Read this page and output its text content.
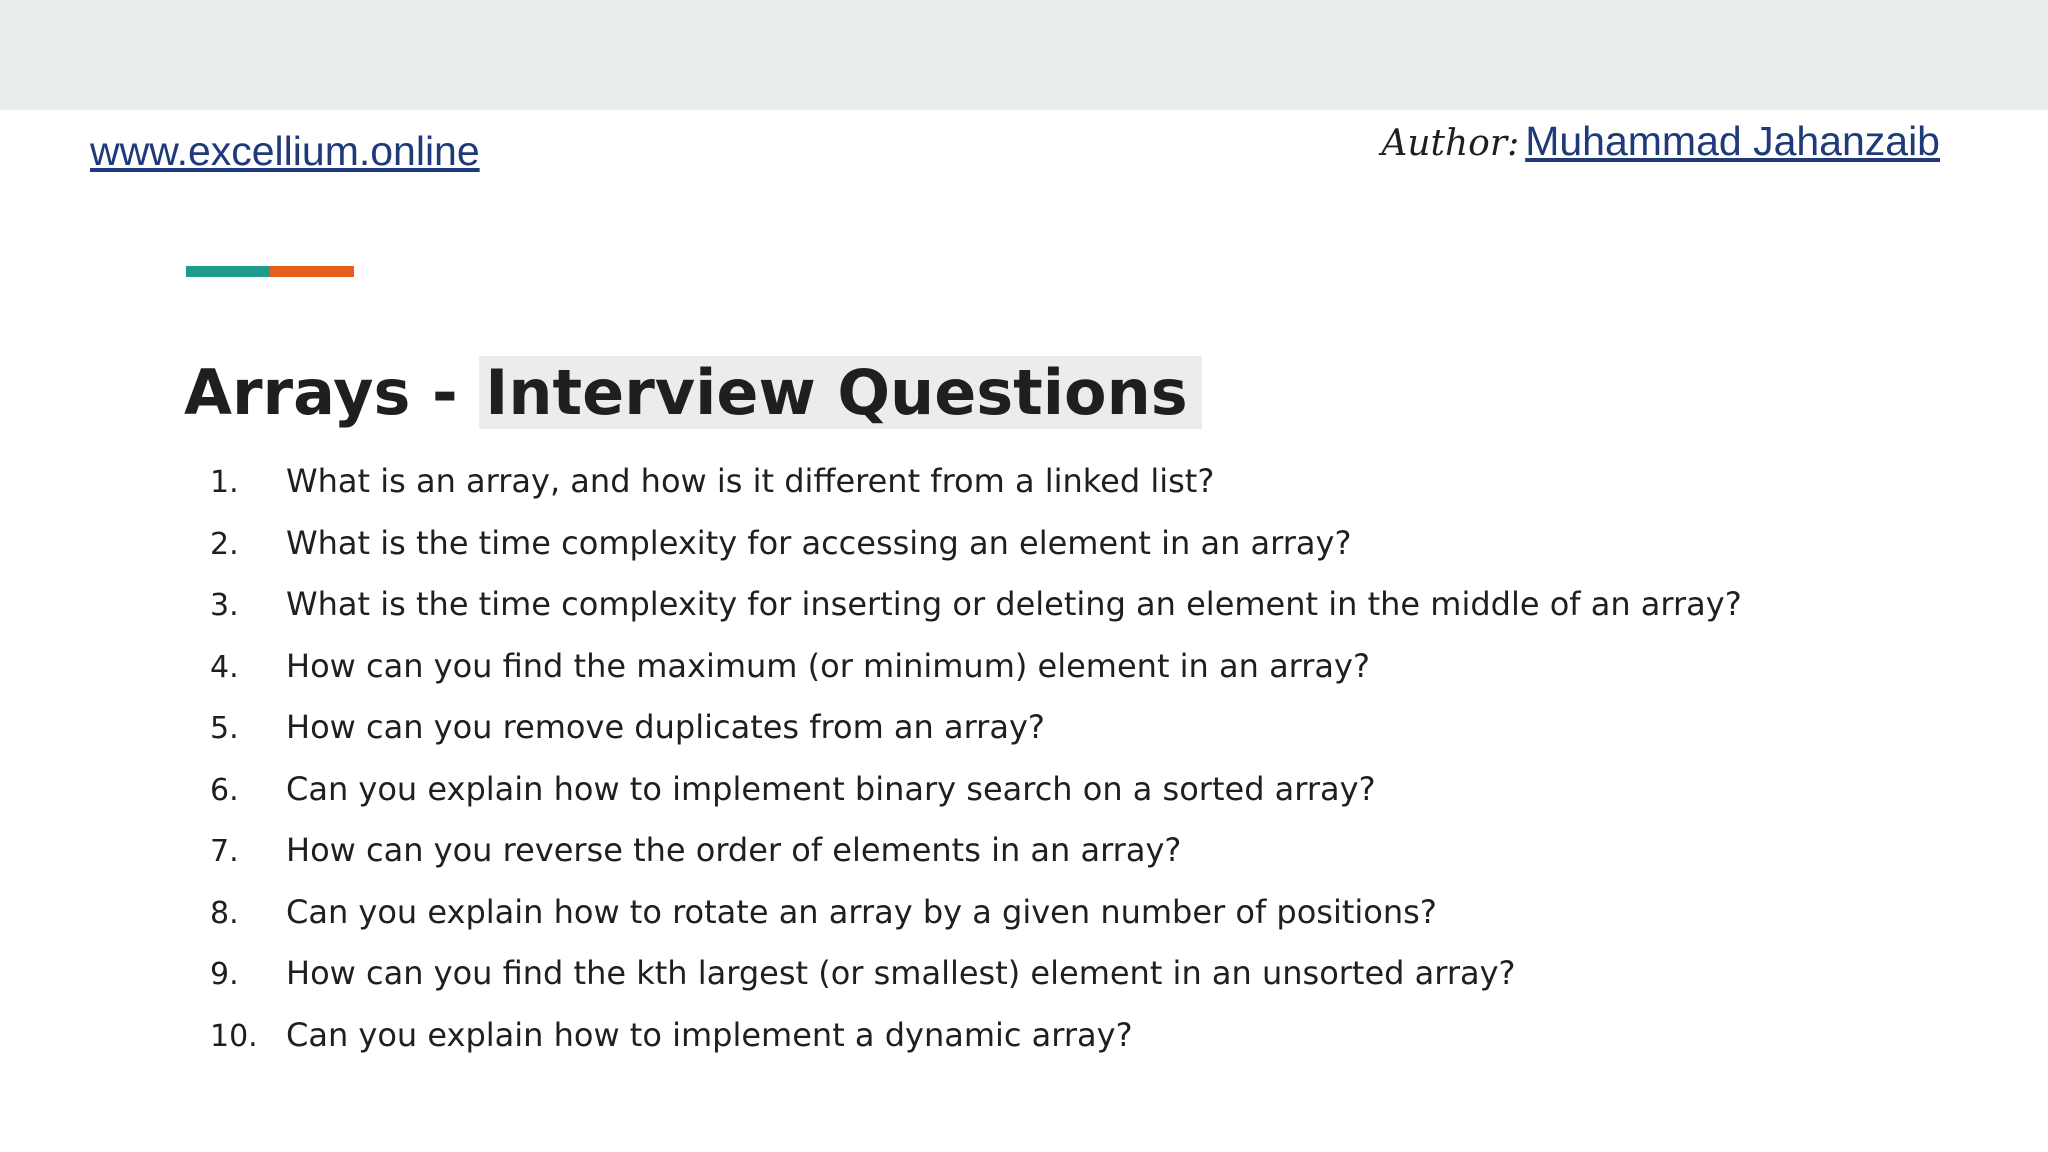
www.excellium.online	Author: Muhammad Jahanzaib
Arrays - Interview Questions
1.	What is an array, and how is it different from a linked list?
2.	What is the time complexity for accessing an element in an array?
3.	What is the time complexity for inserting or deleting an element in the middle of an array?
4.	How can you find the maximum (or minimum) element in an array?
5.	How can you remove duplicates from an array?
6.	Can you explain how to implement binary search on a sorted array?
7.	How can you reverse the order of elements in an array?
8.	Can you explain how to rotate an array by a given number of positions?
9.	How can you find the kth largest (or smallest) element in an unsorted array?
10. Can you explain how to implement a dynamic array?
